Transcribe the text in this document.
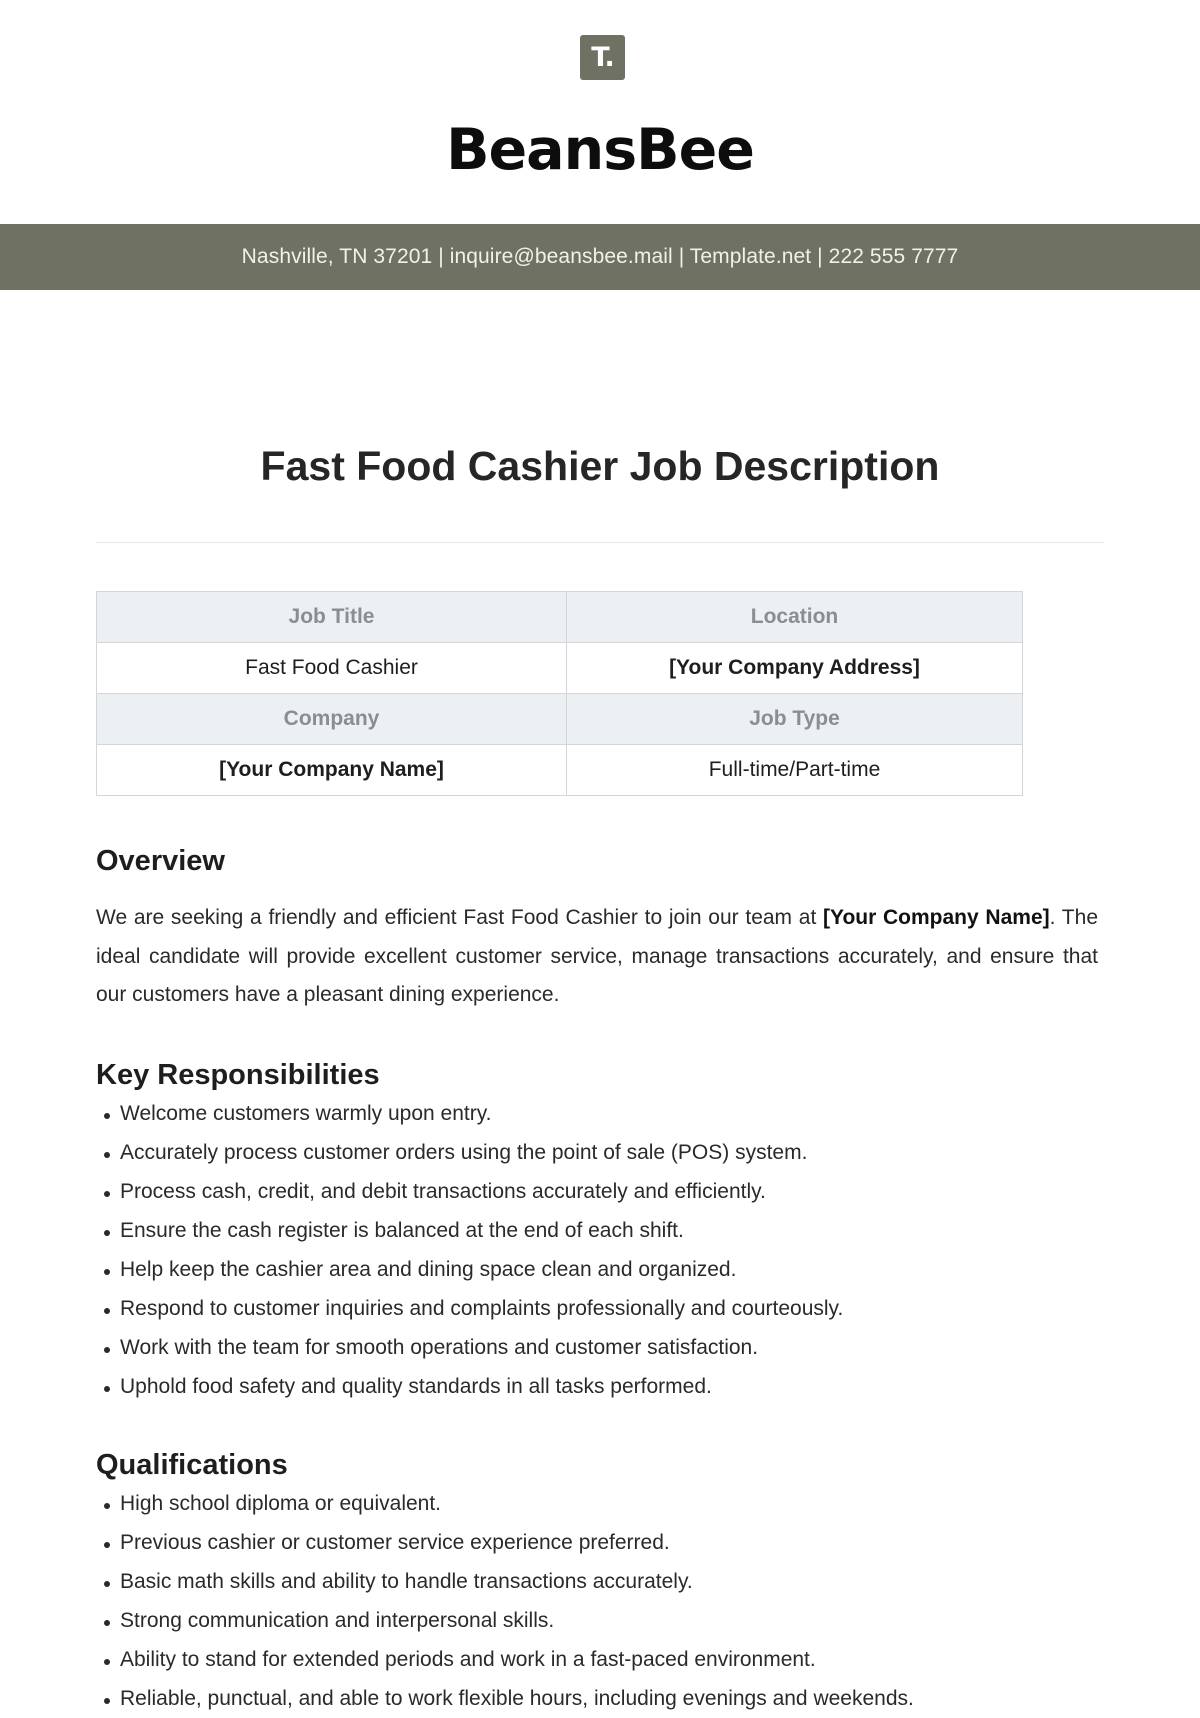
T.
BeansBee
Nashville, TN 37201 | inquire@beansbee.mail | Template.net | 222 555 7777
Fast Food Cashier Job Description
Job Title	Location
Fast Food Cashier	[Your Company Address]
Company	Job Type
[Your Company Name]	Full-time/Part-time
Overview

We are seeking a friendly and efficient Fast Food Cashier to join our team at [Your Company Name]. The ideal candidate will provide excellent customer service, manage transactions accurately, and ensure that our customers have a pleasant dining experience.

Key Responsibilities
Welcome customers warmly upon entry.
Accurately process customer orders using the point of sale (POS) system.
Process cash, credit, and debit transactions accurately and efficiently.
Ensure the cash register is balanced at the end of each shift.
Help keep the cashier area and dining space clean and organized.
Respond to customer inquiries and complaints professionally and courteously.
Work with the team for smooth operations and customer satisfaction.
Uphold food safety and quality standards in all tasks performed.
Qualifications
High school diploma or equivalent.
Previous cashier or customer service experience preferred.
Basic math skills and ability to handle transactions accurately.
Strong communication and interpersonal skills.
Ability to stand for extended periods and work in a fast-paced environment.
Reliable, punctual, and able to work flexible hours, including evenings and weekends.
